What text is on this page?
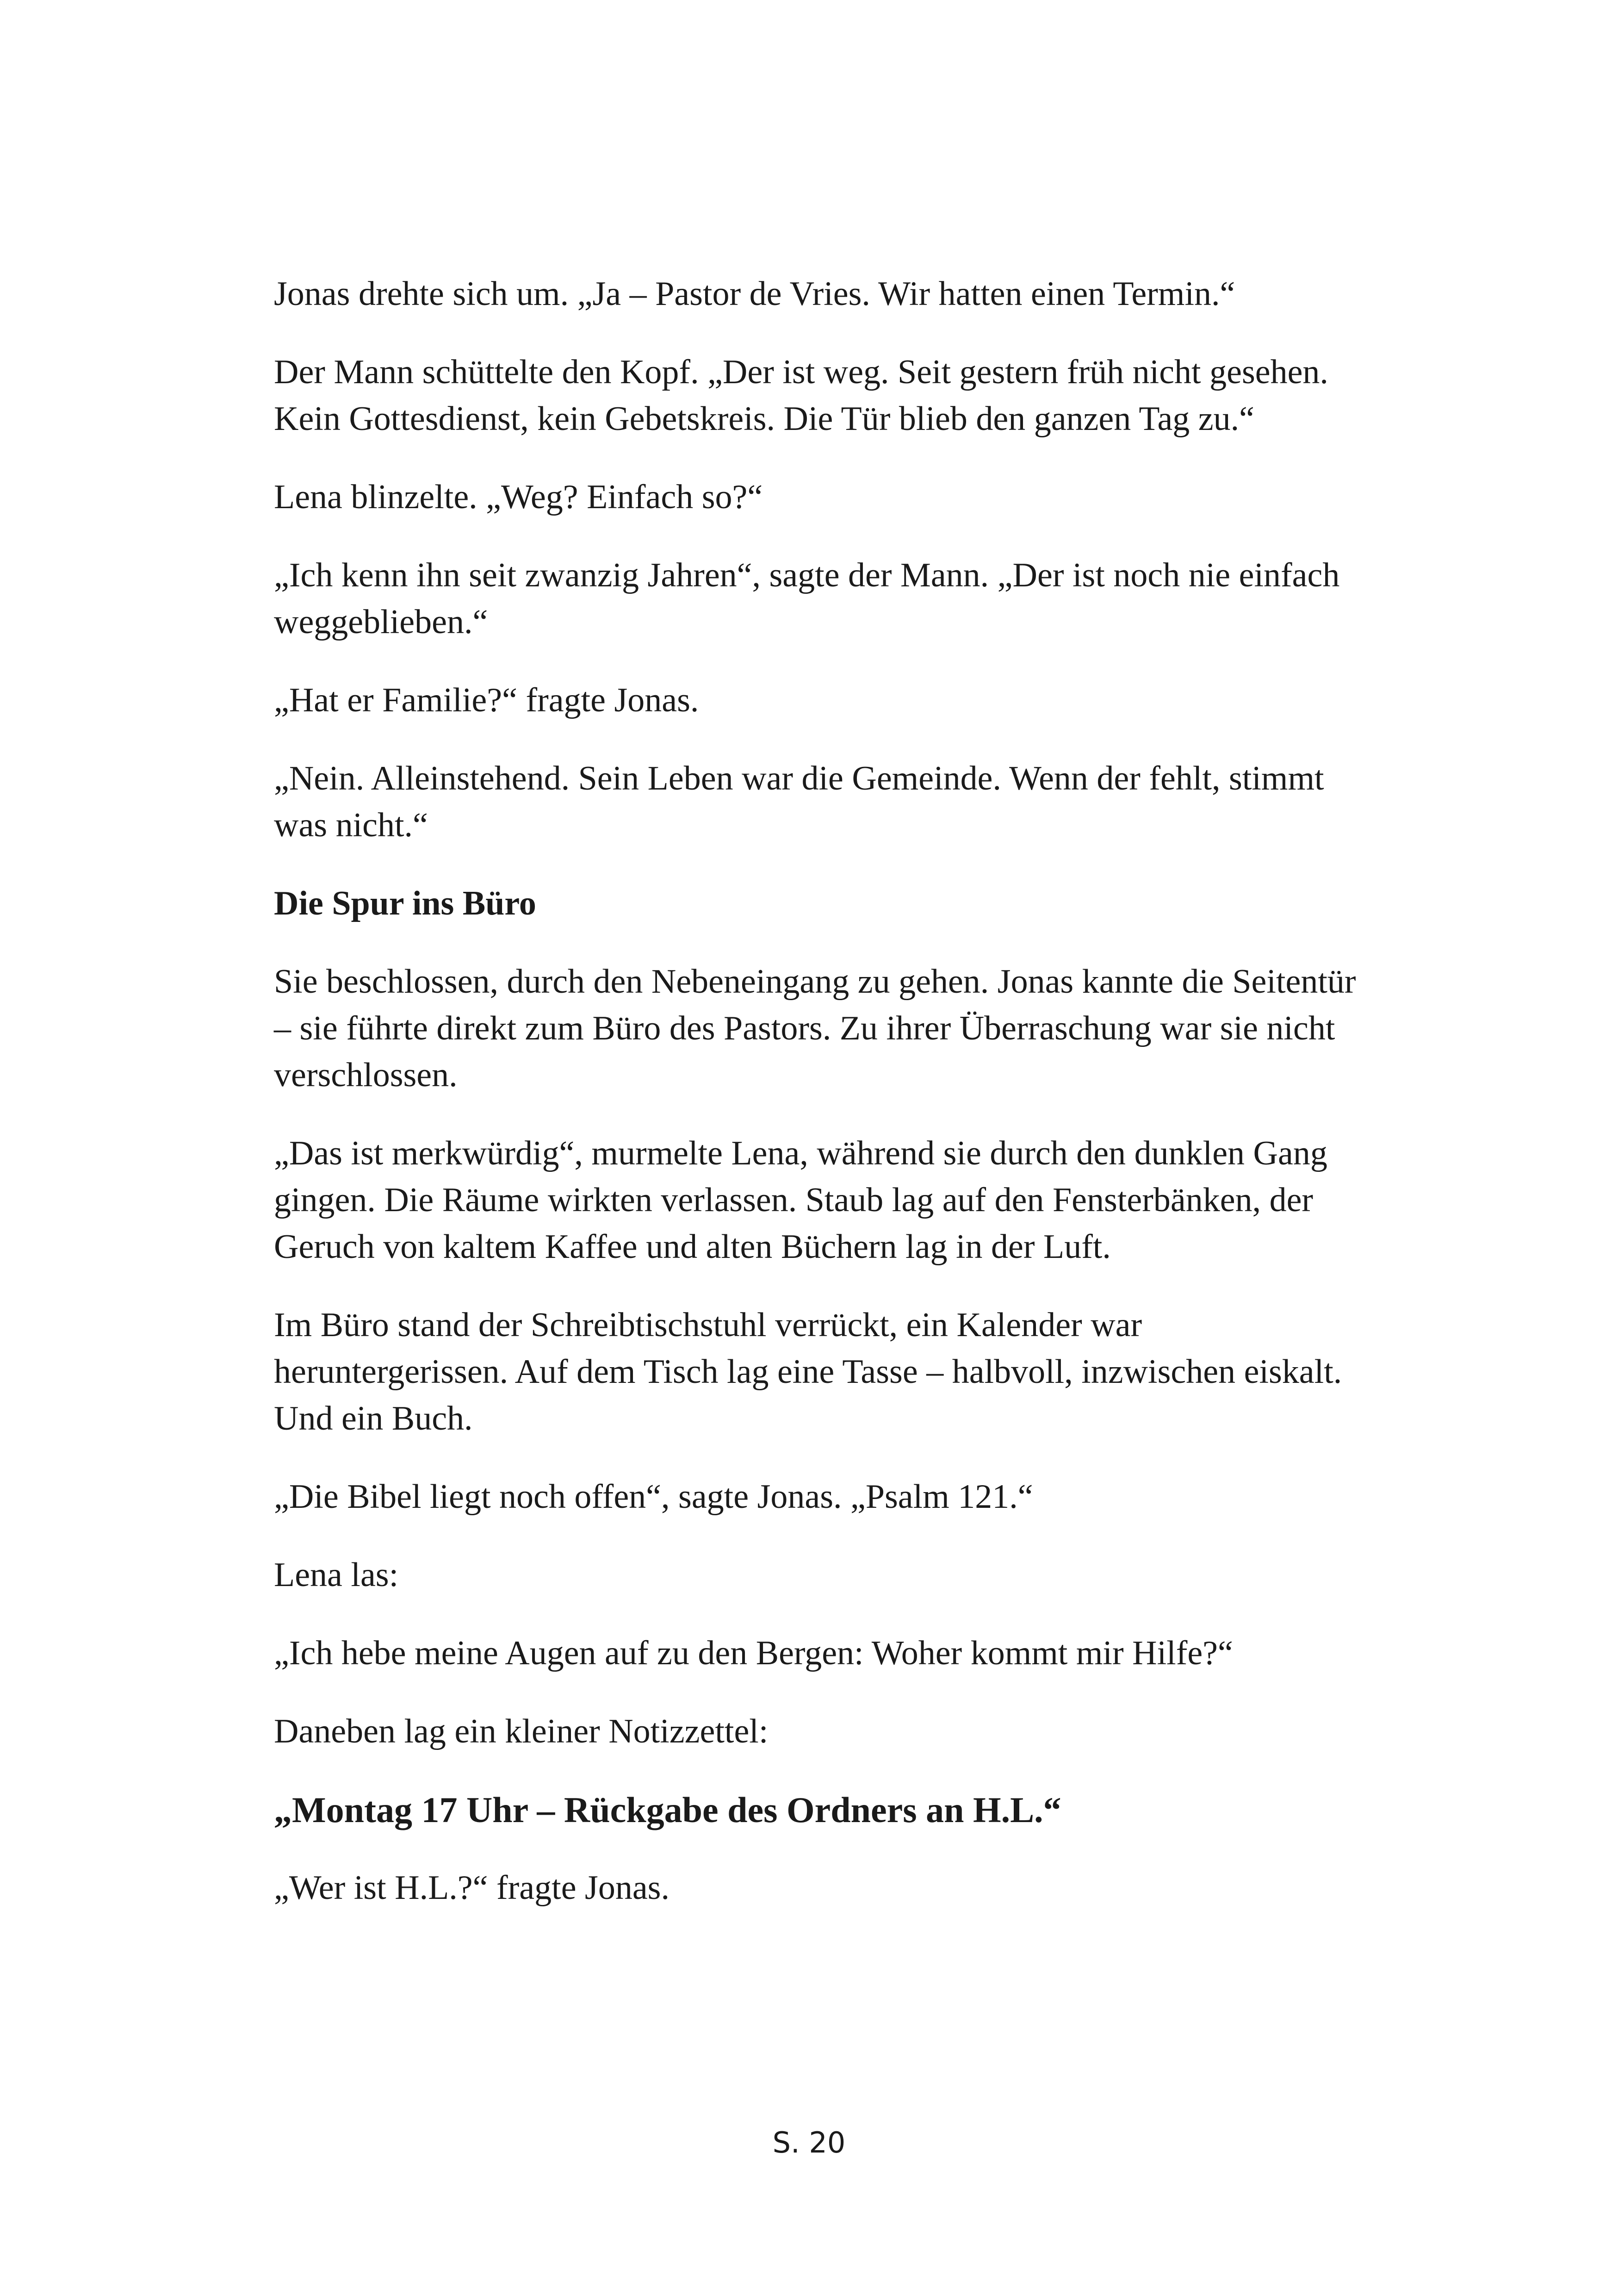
Jonas drehte sich um. „Ja – Pastor de Vries. Wir hatten einen Termin.“

Der Mann schüttelte den Kopf. „Der ist weg. Seit gestern früh nicht gesehen. Kein Gottesdienst, kein Gebetskreis. Die Tür blieb den ganzen Tag zu.“

Lena blinzelte. „Weg? Einfach so?“

„Ich kenn ihn seit zwanzig Jahren“, sagte der Mann. „Der ist noch nie einfach weggeblieben.“

„Hat er Familie?“ fragte Jonas.

„Nein. Alleinstehend. Sein Leben war die Gemeinde. Wenn der fehlt, stimmt was nicht.“

Die Spur ins Büro

Sie beschlossen, durch den Nebeneingang zu gehen. Jonas kannte die Seitentür – sie führte direkt zum Büro des Pastors. Zu ihrer Überraschung war sie nicht verschlossen.

„Das ist merkwürdig“, murmelte Lena, während sie durch den dunklen Gang gingen. Die Räume wirkten verlassen. Staub lag auf den Fensterbänken, der Geruch von kaltem Kaffee und alten Büchern lag in der Luft.

Im Büro stand der Schreibtischstuhl verrückt, ein Kalender war heruntergerissen. Auf dem Tisch lag eine Tasse – halbvoll, inzwischen eiskalt. Und ein Buch.

„Die Bibel liegt noch offen“, sagte Jonas. „Psalm 121.“

Lena las:

„Ich hebe meine Augen auf zu den Bergen: Woher kommt mir Hilfe?“

Daneben lag ein kleiner Notizzettel:

„Montag 17 Uhr – Rückgabe des Ordners an H.L.“

„Wer ist H.L.?“ fragte Jonas.

S. 20
